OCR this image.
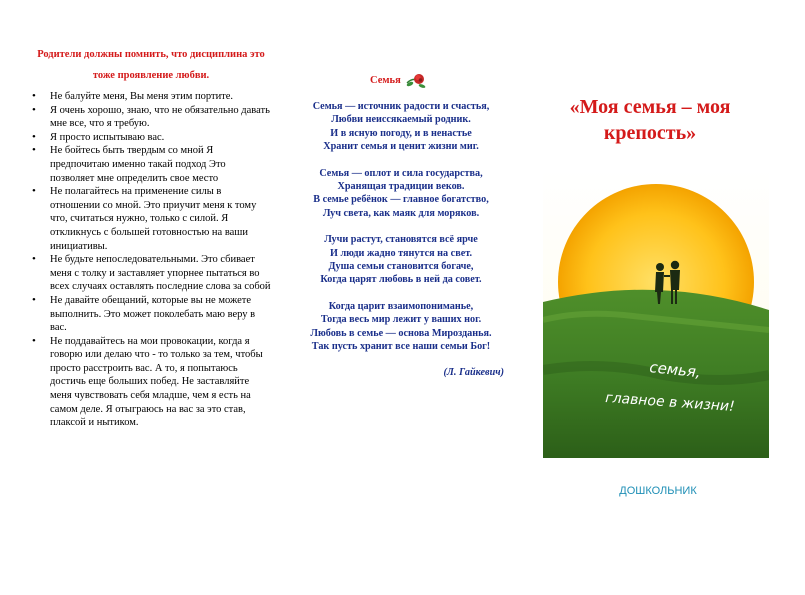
Родители должны помнить, что дисциплина это тоже проявление любви.
• Не балуйте меня, Вы меня этим портите.
• Я очень хорошо, знаю, что не обязательно давать мне все, что я требую.
• Я просто испытываю вас.
• Не бойтесь быть твердым со мной Я предпочитаю именно такай подход Это позволяет мне определить свое место
• Не полагайтесь на применение силы в отношении со мной. Это приучит меня к тому что, считаться нужно, только с силой. Я откликнусь с большей готовностью на ваши инициативы.
• Не будьте непоследовательными. Это сбивает меня с толку и заставляет упорнее пытаться во всех случаях оставлять последние слова за собой
• Не давайте обещаний, которые вы не можете выполнить. Это может поколебать маю веру в вас.
• Не поддавайтесь на мои провокации, когда я говорю или делаю что - то только за тем, чтобы просто расстроить вас. А то, я попытаюсь достичь еще больших побед. Не заставляйте меня чувствовать себя младше, чем я есть на самом деле. Я отыграюсь на вас за это став, плаксой и нытиком.
Семья
Семья — источник радости и счастья,
Любви неиссякаемый родник.
И в ясную погоду, и в ненастье
Хранит семья и ценит жизни миг.
Семья — оплот и сила государства,
Хранящая традиции веков.
В семье ребёнок — главное богатство,
Луч света, как маяк для моряков.
Лучи растут, становятся всё ярче
И люди жадно тянутся на свет.
Душа семьи становится богаче,
Когда царят любовь в ней да совет.
Когда царит взаимопониманье,
Тогда весь мир лежит у ваших ног.
Любовь в семье — основа Мирозданья.
Так пусть хранит все наши семьи Бог!
(Л. Гайкевич)
«Моя семья – моя
крепость»
семья,
главное в жизни!
ДОШКОЛЬНИК
